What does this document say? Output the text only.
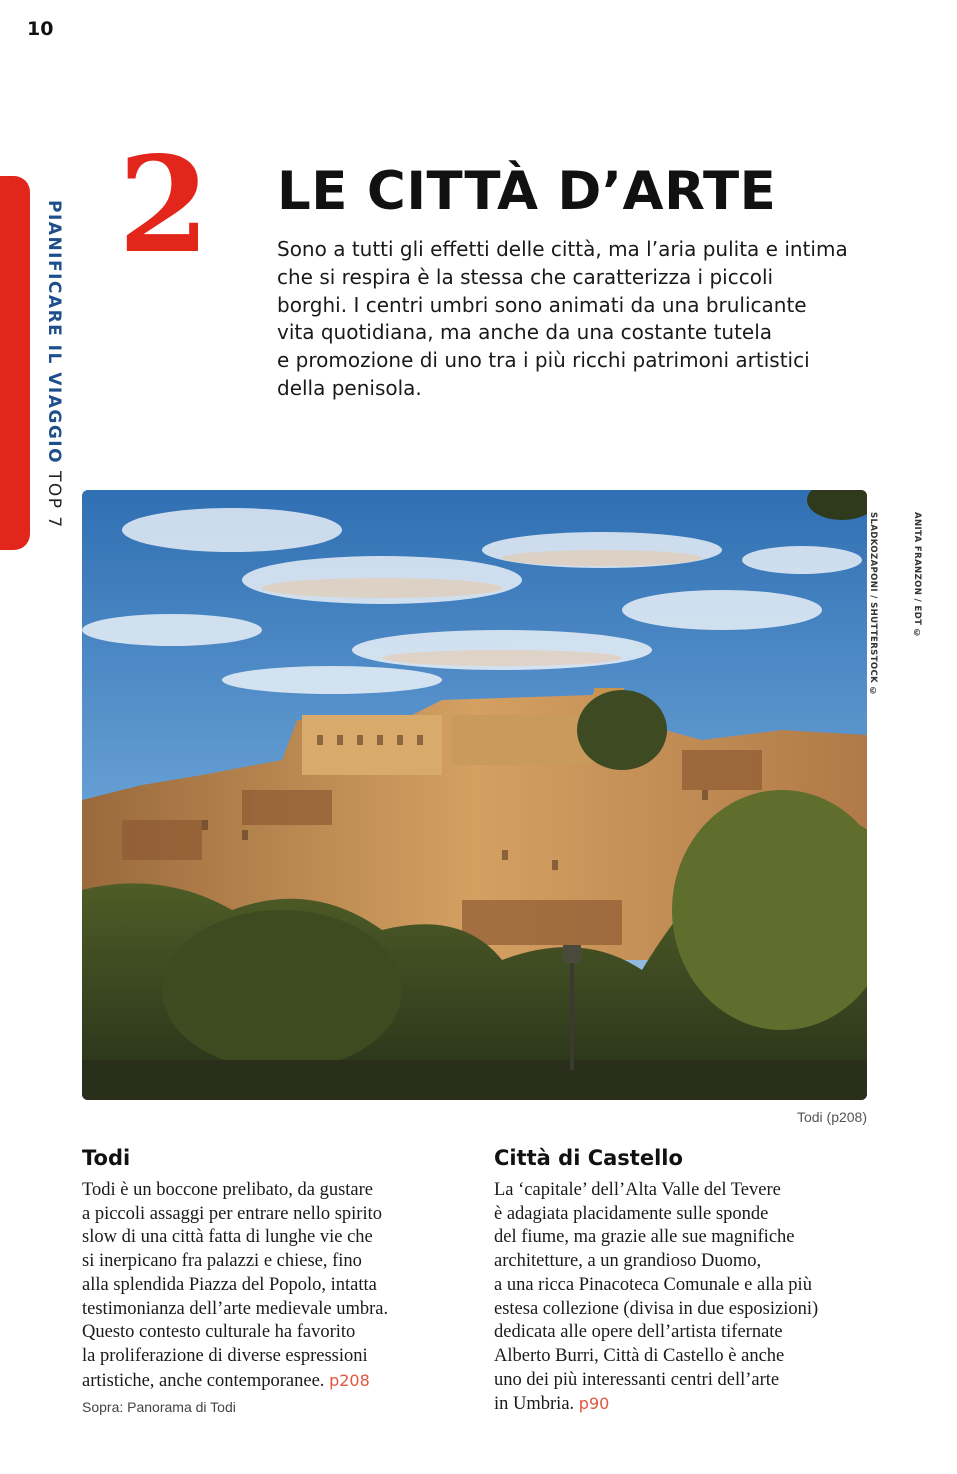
10
PIANIFICARE IL VIAGGIO TOP 7
2 LE CITTÀ D’ARTE

Sono a tutti gli effetti delle città, ma l’aria pulita e intima
che si respira è la stessa che caratterizza i piccoli
borghi. I centri umbri sono animati da una brulicante
vita quotidiana, ma anche da una costante tutela
e promozione di uno tra i più ricchi patrimoni artistici
della penisola.

SLADKOZAPONI / SHUTTERSTOCK ©	ANITA FRANZON / EDT ©
Todi (p208)
Todi

Todi è un boccone prelibato, da gustare
a piccoli assaggi per entrare nello spirito
slow di una città fatta di lunghe vie che
si inerpicano fra palazzi e chiese, fino
alla splendida Piazza del Popolo, intatta
testimonianza dell’arte medievale umbra.
Questo contesto culturale ha favorito
la proliferazione di diverse espressioni
artistiche, anche contemporanee. p208

Sopra: Panorama di Todi
Città di Castello

La ‘capitale’ dell’Alta Valle del Tevere
è adagiata placidamente sulle sponde
del fiume, ma grazie alle sue magnifiche
architetture, a un grandioso Duomo,
a una ricca Pinacoteca Comunale e alla più
estesa collezione (divisa in due esposizioni)
dedicata alle opere dell’artista tifernate
Alberto Burri, Città di Castello è anche
uno dei più interessanti centri dell’arte
in Umbria. p90
